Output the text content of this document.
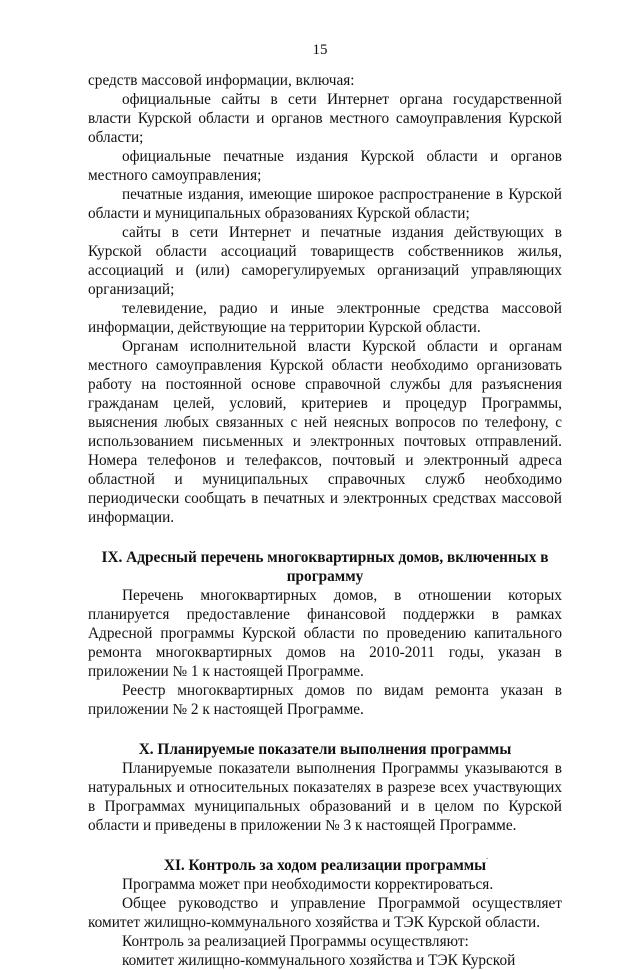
15

средств массовой информации, включая:

официальные сайты в сети Интернет органа государственной власти Курской области и органов местного самоуправления Курской области;

официальные печатные издания Курской области и органов местного самоуправления;

печатные издания, имеющие широкое распространение в Курской области и муниципальных образованиях Курской области;

сайты в сети Интернет и печатные издания действующих в Курской области ассоциаций товариществ собственников жилья, ассоциаций и (или) саморегулируемых организаций управляющих организаций;

телевидение, радио и иные электронные средства массовой информации, действующие на территории Курской области.

Органам исполнительной власти Курской области и органам местного самоуправления Курской области необходимо организовать работу на постоянной основе справочной службы для разъяснения гражданам целей, условий, критериев и процедур Программы, выяснения любых связанных с ней неясных вопросов по телефону, с использованием письменных и электронных почтовых отправлений. Номера телефонов и телефаксов, почтовый и электронный адреса областной и муниципальных справочных служб необходимо периодически сообщать в печатных и электронных средствах массовой информации.

IX. Адресный перечень многоквартирных домов, включенных в программу

Перечень многоквартирных домов, в отношении которых планируется предоставление финансовой поддержки в рамках Адресной программы Курской области по проведению капитального ремонта многоквартирных домов на 2010-2011 годы, указан в приложении № 1 к настоящей Программе.

Реестр многоквартирных домов по видам ремонта указан в приложении № 2 к настоящей Программе.

X. Планируемые показатели выполнения программы

Планируемые показатели выполнения Программы указываются в натуральных и относительных показателях в разрезе всех участвующих в Программах муниципальных образований и в целом по Курской области и приведены в приложении № 3 к настоящей Программе.

XI. Контроль за ходом реализации программы

Программа может при необходимости корректироваться.

Общее руководство и управление Программой осуществляет комитет жилищно-коммунального хозяйства и ТЭК Курской области.

Контроль за реализацией Программы осуществляют:

комитет жилищно-коммунального хозяйства и ТЭК Курской

.
